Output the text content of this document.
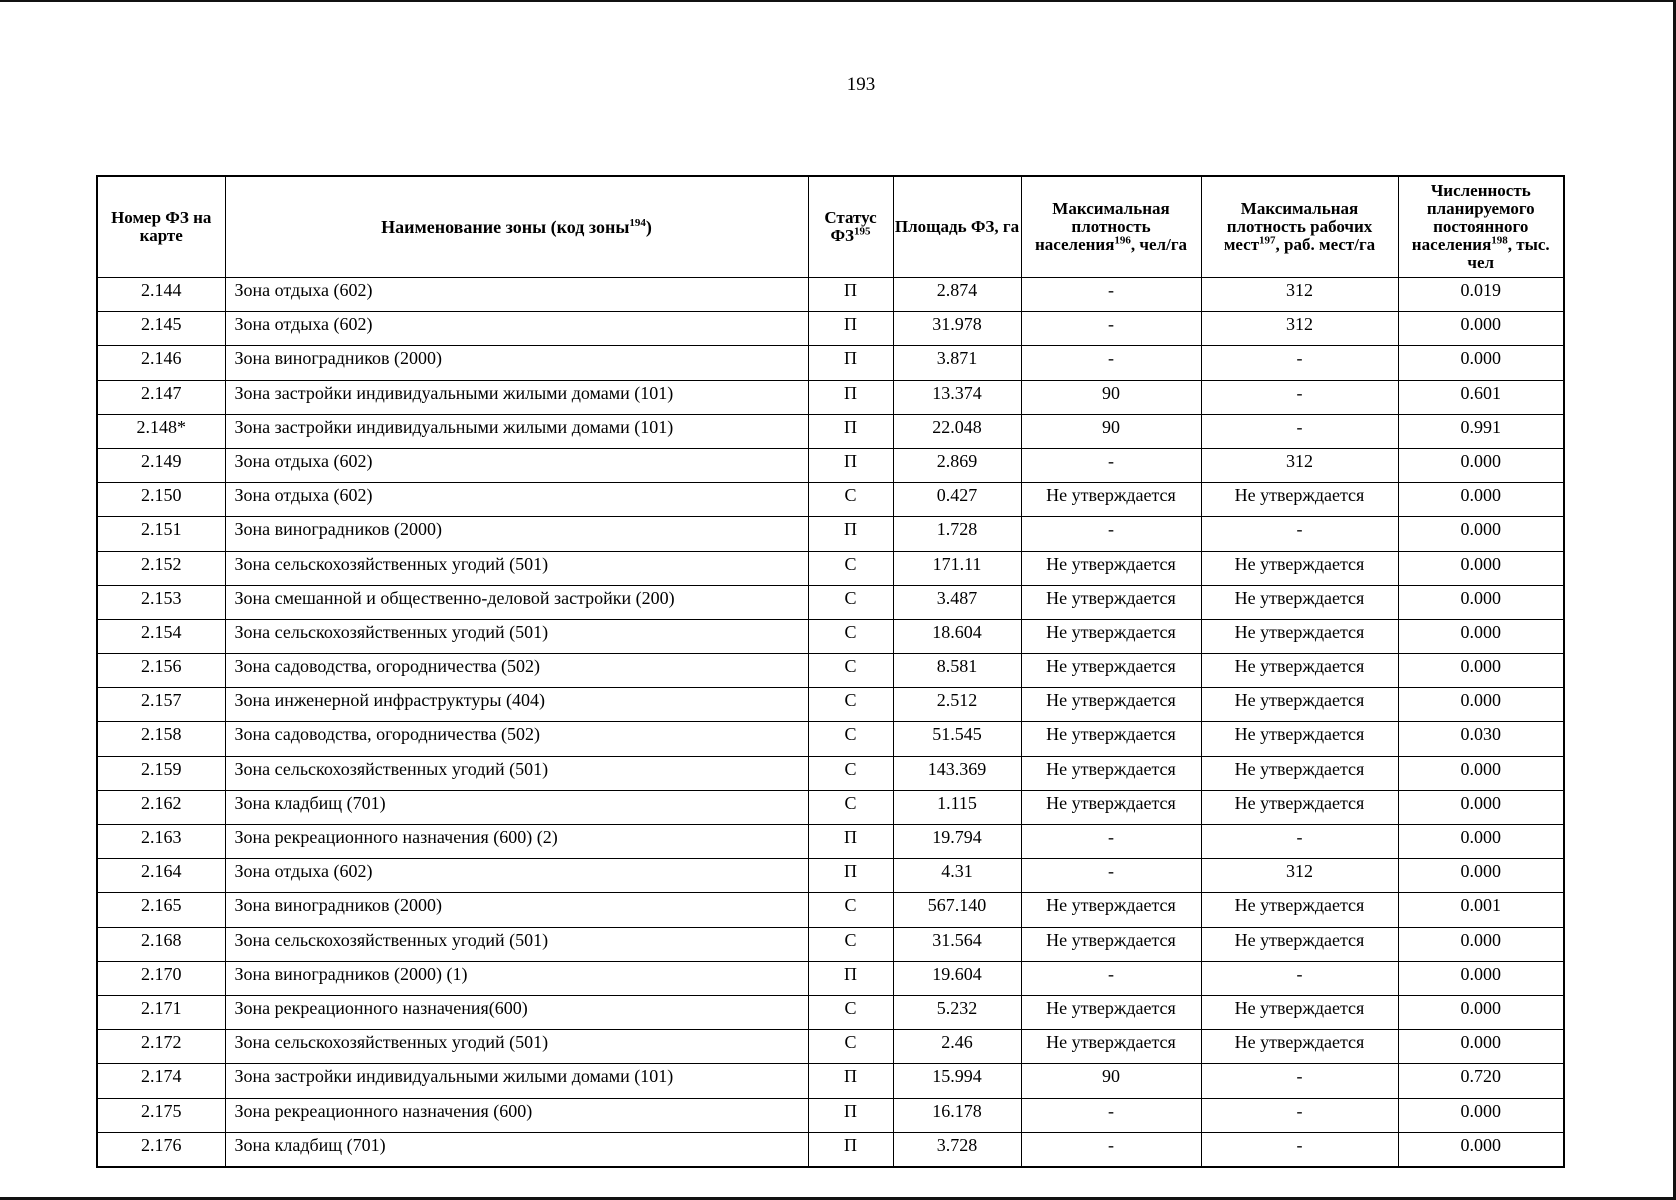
193
Номер ФЗ на карте	Наименование зоны (код зоны$^{194}$)	Статус ФЗ$^{195}$	Площадь ФЗ, га	Максимальная плотность населения$^{196}$, чел/га	Максимальная плотность рабочих мест$^{197}$, раб. мест/га	Численность планируемого постоянного населения$^{198}$, тыс. чел
2.144	Зона отдыха (602)	П	2.874	-	312	0.019
2.145	Зона отдыха (602)	П	31.978	-	312	0.000
2.146	Зона виноградников (2000)	П	3.871	-	-	0.000
2.147	Зона застройки индивидуальными жилыми домами (101)	П	13.374	90	-	0.601
2.148*	Зона застройки индивидуальными жилыми домами (101)	П	22.048	90	-	0.991
2.149	Зона отдыха (602)	П	2.869	-	312	0.000
2.150	Зона отдыха (602)	С	0.427	Не утверждается	Не утверждается	0.000
2.151	Зона виноградников (2000)	П	1.728	-	-	0.000
2.152	Зона сельскохозяйственных угодий (501)	С	171.11	Не утверждается	Не утверждается	0.000
2.153	Зона смешанной и общественно-деловой застройки (200)	С	3.487	Не утверждается	Не утверждается	0.000
2.154	Зона сельскохозяйственных угодий (501)	С	18.604	Не утверждается	Не утверждается	0.000
2.156	Зона садоводства, огородничества (502)	С	8.581	Не утверждается	Не утверждается	0.000
2.157	Зона инженерной инфраструктуры (404)	С	2.512	Не утверждается	Не утверждается	0.000
2.158	Зона садоводства, огородничества (502)	С	51.545	Не утверждается	Не утверждается	0.030
2.159	Зона сельскохозяйственных угодий (501)	С	143.369	Не утверждается	Не утверждается	0.000
2.162	Зона кладбищ (701)	С	1.115	Не утверждается	Не утверждается	0.000
2.163	Зона рекреационного назначения (600) (2)	П	19.794	-	-	0.000
2.164	Зона отдыха (602)	П	4.31	-	312	0.000
2.165	Зона виноградников (2000)	С	567.140	Не утверждается	Не утверждается	0.001
2.168	Зона сельскохозяйственных угодий (501)	С	31.564	Не утверждается	Не утверждается	0.000
2.170	Зона виноградников (2000) (1)	П	19.604	-	-	0.000
2.171	Зона рекреационного назначения(600)	С	5.232	Не утверждается	Не утверждается	0.000
2.172	Зона сельскохозяйственных угодий (501)	С	2.46	Не утверждается	Не утверждается	0.000
2.174	Зона застройки индивидуальными жилыми домами (101)	П	15.994	90	-	0.720
2.175	Зона рекреационного назначения (600)	П	16.178	-	-	0.000
2.176	Зона кладбищ (701)	П	3.728	-	-	0.000
